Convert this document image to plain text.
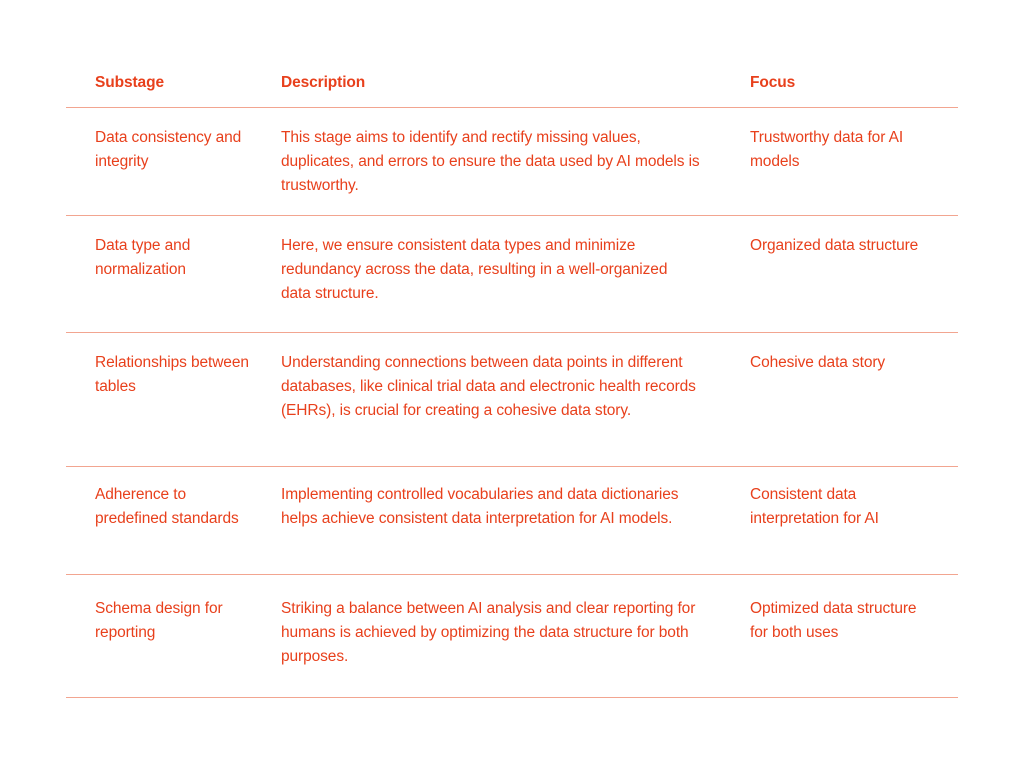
Substage	Description	Focus
Data consistency and integrity
This stage aims to identify and rectify missing values, duplicates, and errors to ensure the data used by AI models is trustworthy.
Trustworthy data for AI models
Data type and normalization
Here, we ensure consistent data types and minimize redundancy across the data, resulting in a well-organized data structure.
Organized data structure
Relationships between tables
Understanding connections between data points in different databases, like clinical trial data and electronic health records (EHRs), is crucial for creating a cohesive data story.
Cohesive data story
Adherence to predefined standards
Implementing controlled vocabularies and data dictionaries helps achieve consistent data interpretation for AI models.
Consistent data interpretation for AI
Schema design for reporting
Striking a balance between AI analysis and clear reporting for humans is achieved by optimizing the data structure for both purposes.
Optimized data structure for both uses
